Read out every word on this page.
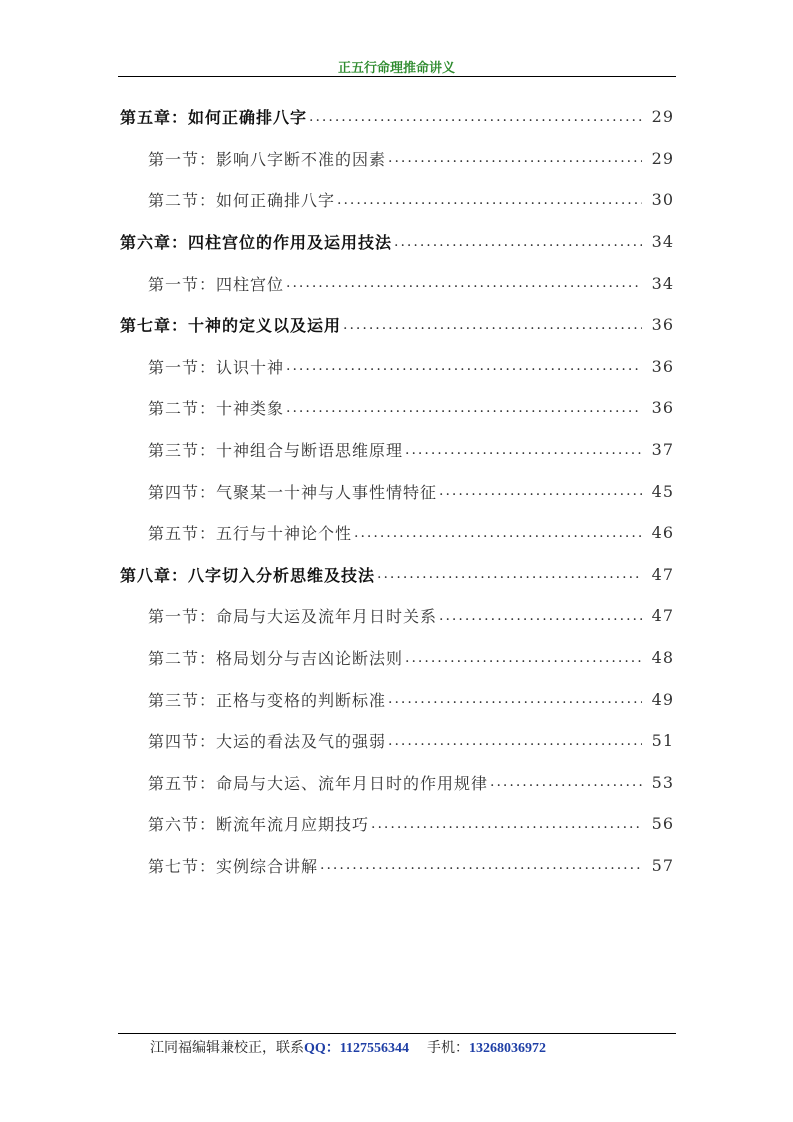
正五行命理推命讲义
第五章：如何正确排八字 .....	29
第一节：影响八字断不准的因素 .....	29
第二节：如何正确排八字 .....	30
第六章：四柱宫位的作用及运用技法 .....	34
第一节：四柱宫位 .....	34
第七章：十神的定义以及运用 .....	36
第一节：认识十神 .....	36
第二节：十神类象 .....	36
第三节：十神组合与断语思维原理 .....	37
第四节：气聚某一十神与人事性情特征 .....	45
第五节：五行与十神论个性 .....	46
第八章：八字切入分析思维及技法 .....	47
第一节：命局与大运及流年月日时关系 .....	47
第二节：格局划分与吉凶论断法则 .....	48
第三节：正格与变格的判断标准 .....	49
第四节：大运的看法及气的强弱 .....	51
第五节：命局与大运、流年月日时的作用规律 .....	53
第六节：断流年流月应期技巧 .....	56
第七节：实例综合讲解 .....	57
江同福编辑兼校正，联系QQ：1127556344 手机：13268036972
